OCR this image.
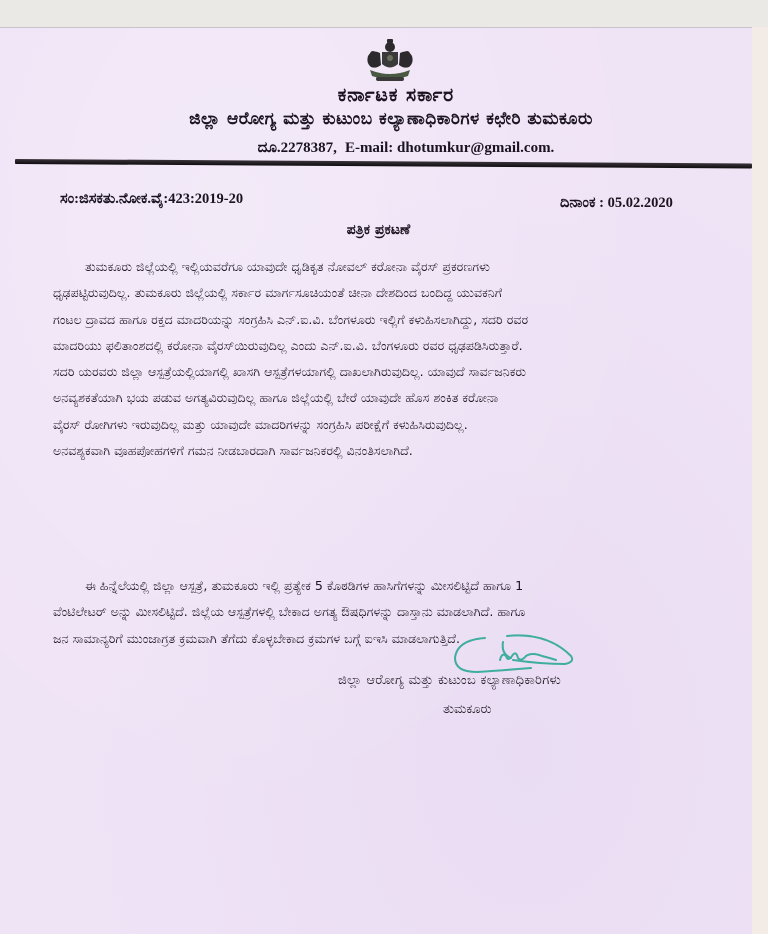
ಕರ್ನಾಟಕ ಸರ್ಕಾರ
ಜಿಲ್ಲಾ ಆರೋಗ್ಯ ಮತ್ತು ಕುಟುಂಬ ಕಲ್ಯಾಣಾಧಿಕಾರಿಗಳ ಕಛೇರಿ ತುಮಕೂರು
ದೂ.2278387, E-mail: dhotumkur@gmail.com.
ಸಂ:ಜಿಸಕತು.ನೋಕ.ವೈ:423:2019-20	ದಿನಾಂಕ : 05.02.2020
ಪತ್ರಿಕ ಪ್ರಕಟಣೆ
ತುಮಕೂರು ಜಿಲ್ಲೆಯಲ್ಲಿ ಇಲ್ಲಿಯವರೆಗೂ ಯಾವುದೇ ಧೃಡಿಕೃತ ನೋವಲ್ ಕರೋನಾ ವೈರಸ್ ಪ್ರಕರಣಗಳು
ಧೃಢಪಟ್ಟಿರುವುದಿಲ್ಲ. ತುಮಕೂರು ಜಿಲ್ಲೆಯಲ್ಲಿ ಸರ್ಕಾರ ಮಾರ್ಗಸೂಚಿಯಂತೆ ಚೀನಾ ದೇಶದಿಂದ ಬಂದಿದ್ದ ಯುವಕನಿಗೆ
ಗಂಟಲ ದ್ರಾವದ ಹಾಗೂ ರಕ್ತದ ಮಾದರಿಯನ್ನು ಸಂಗ್ರಹಿಸಿ ಎನ್.ಐ.ವಿ. ಬೆಂಗಳೂರು ಇಲ್ಲಿಗೆ ಕಳುಹಿಸಲಾಗಿದ್ದು, ಸದರಿ ರವರ
ಮಾದರಿಯು ಫಲಿತಾಂಶದಲ್ಲಿ ಕರೋನಾ ವೈರಸ್‌ಯಿರುವುದಿಲ್ಲ ಎಂದು ಎನ್.ಐ.ವಿ. ಬೆಂಗಳೂರು ರವರ ಧೃಢಪಡಿಸಿರುತ್ತಾರೆ.
ಸದರಿ ಯರವರು ಜಿಲ್ಲಾ ಆಸ್ಪತ್ರೆಯಲ್ಲಿಯಾಗಲ್ಲಿ ಖಾಸಗಿ ಆಸ್ಪತ್ರೆಗಳಯಾಗಲ್ಲಿ ದಾಖಲಾಗಿರುವುದಿಲ್ಲ. ಯಾವುದೆ ಸಾರ್ವಜನಿಕರು
ಅನವ್ಯಶಕತೆಯಾಗಿ ಭಯ ಪಡುವ ಅಗತ್ಯವಿರುವುದಿಲ್ಲ ಹಾಗೂ ಜಿಲ್ಲೆಯಲ್ಲಿ ಬೇರೆ ಯಾವುದೇ ಹೊಸ ಶಂಕಿತ ಕರೋನಾ
ವೈರಸ್ ರೋಗಿಗಳು ಇರುವುದಿಲ್ಲ ಮತ್ತು ಯಾವುದೇ ಮಾದರಿಗಳನ್ನು ಸಂಗ್ರಹಿಸಿ ಪರೀಕ್ಷೆಗೆ ಕಳುಹಿಸಿರುವುದಿಲ್ಲ.
ಅನವಶ್ಯಕವಾಗಿ ವೂಹಪೋಹಗಳಿಗೆ ಗಮನ ನೀಡಬಾರದಾಗಿ ಸಾರ್ವಜನಿಕರಲ್ಲಿ ವಿನಂತಿಸಲಾಗಿದೆ.
ಈ ಹಿನ್ನೆಲೆಯಲ್ಲಿ ಜಿಲ್ಲಾ ಆಸ್ಪತ್ರೆ, ತುಮಕೂರು ಇಲ್ಲಿ ಪ್ರತ್ಯೇಕ 5 ಕೊಠಡಿಗಳ ಹಾಸಿಗೆಗಳನ್ನು ಮೀಸಲಿಟ್ಟಿದೆ ಹಾಗೂ 1
ವೆಂಟಿಲೇಟರ್ ಅನ್ನು ಮೀಸಲಿಟ್ಟಿದೆ. ಜಿಲ್ಲೆಯ ಆಸ್ಪತ್ರೆಗಳಲ್ಲಿ ಬೇಕಾದ ಅಗತ್ಯ ಔಷಧಿಗಳನ್ನು ದಾಸ್ತಾನು ಮಾಡಲಾಗಿದೆ. ಹಾಗೂ
ಜನ ಸಾಮಾನ್ಯರಿಗೆ ಮುಂಜಾಗ್ರತ ಕ್ರಮವಾಗಿ ತೆಗೆದು ಕೊಳ್ಳಬೇಕಾದ ಕ್ರಮಗಳ ಬಗ್ಗೆ ಐಇಸಿ ಮಾಡಲಾಗುತ್ತಿದೆ.
ಜಿಲ್ಲಾ ಆರೋಗ್ಯ ಮತ್ತು ಕುಟುಂಬ ಕಲ್ಯಾಣಾಧಿಕಾರಿಗಳು
ತುಮಕೂರು
